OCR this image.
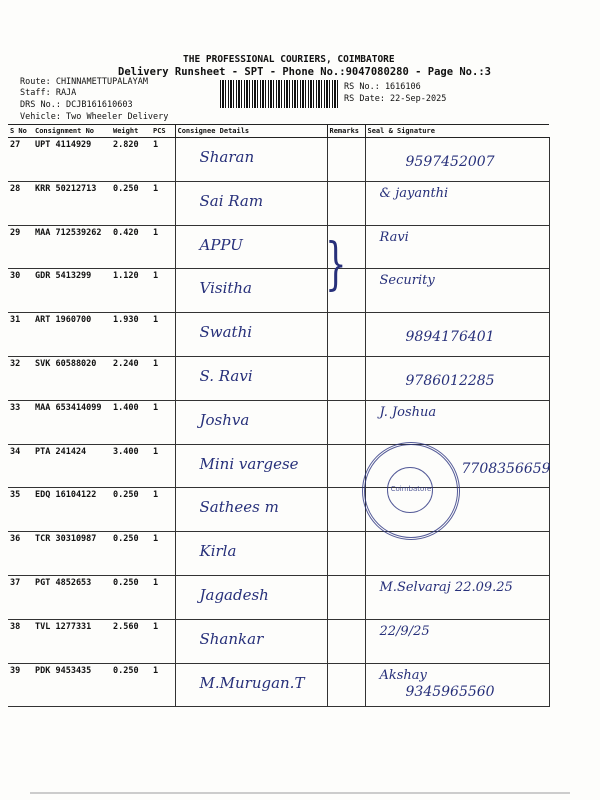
THE PROFESSIONAL COURIERS, COIMBATORE
Delivery Runsheet - SPT - Phone No.:9047080280 - Page No.:3
Route: CHINNAMETTUPALAYAM
Staff: RAJA
DRS No.: DCJB161610603
Vehicle: Two Wheeler Delivery
RS No.: 1616106
RS Date: 22-Sep-2025
S No	Consignment No	Weight	PCS	Consignee Details	Remarks	Seal & Signature
27	UPT 4114929	2.820	1	Sharan		9597452007

28	KRR 50212713	0.250	1	Sai Ram		& jayanthi

29	MAA 712539262	0.420	1	APPU		Ravi

30	GDR 5413299	1.120	1	Visitha		Security

31	ART 1960700	1.930	1	Swathi		9894176401

32	SVK 60588020	2.240	1	S. Ravi		9786012285

33	MAA 653414099	1.400	1	Joshva		J. Joshua

34	PTA 241424	3.400	1	Mini vargese		7708356659

35	EDQ 16104122	0.250	1	Sathees m		

36	TCR 30310987	0.250	1	Kirla		

37	PGT 4852653	0.250	1	Jagadesh		M.Selvaraj 22.09.25

38	TVL 1277331	2.560	1	Shankar		22/9/25

39	PDK 9453435	0.250	1	M.Murugan.T		Akshay
9345965560
}
Coimbatore
